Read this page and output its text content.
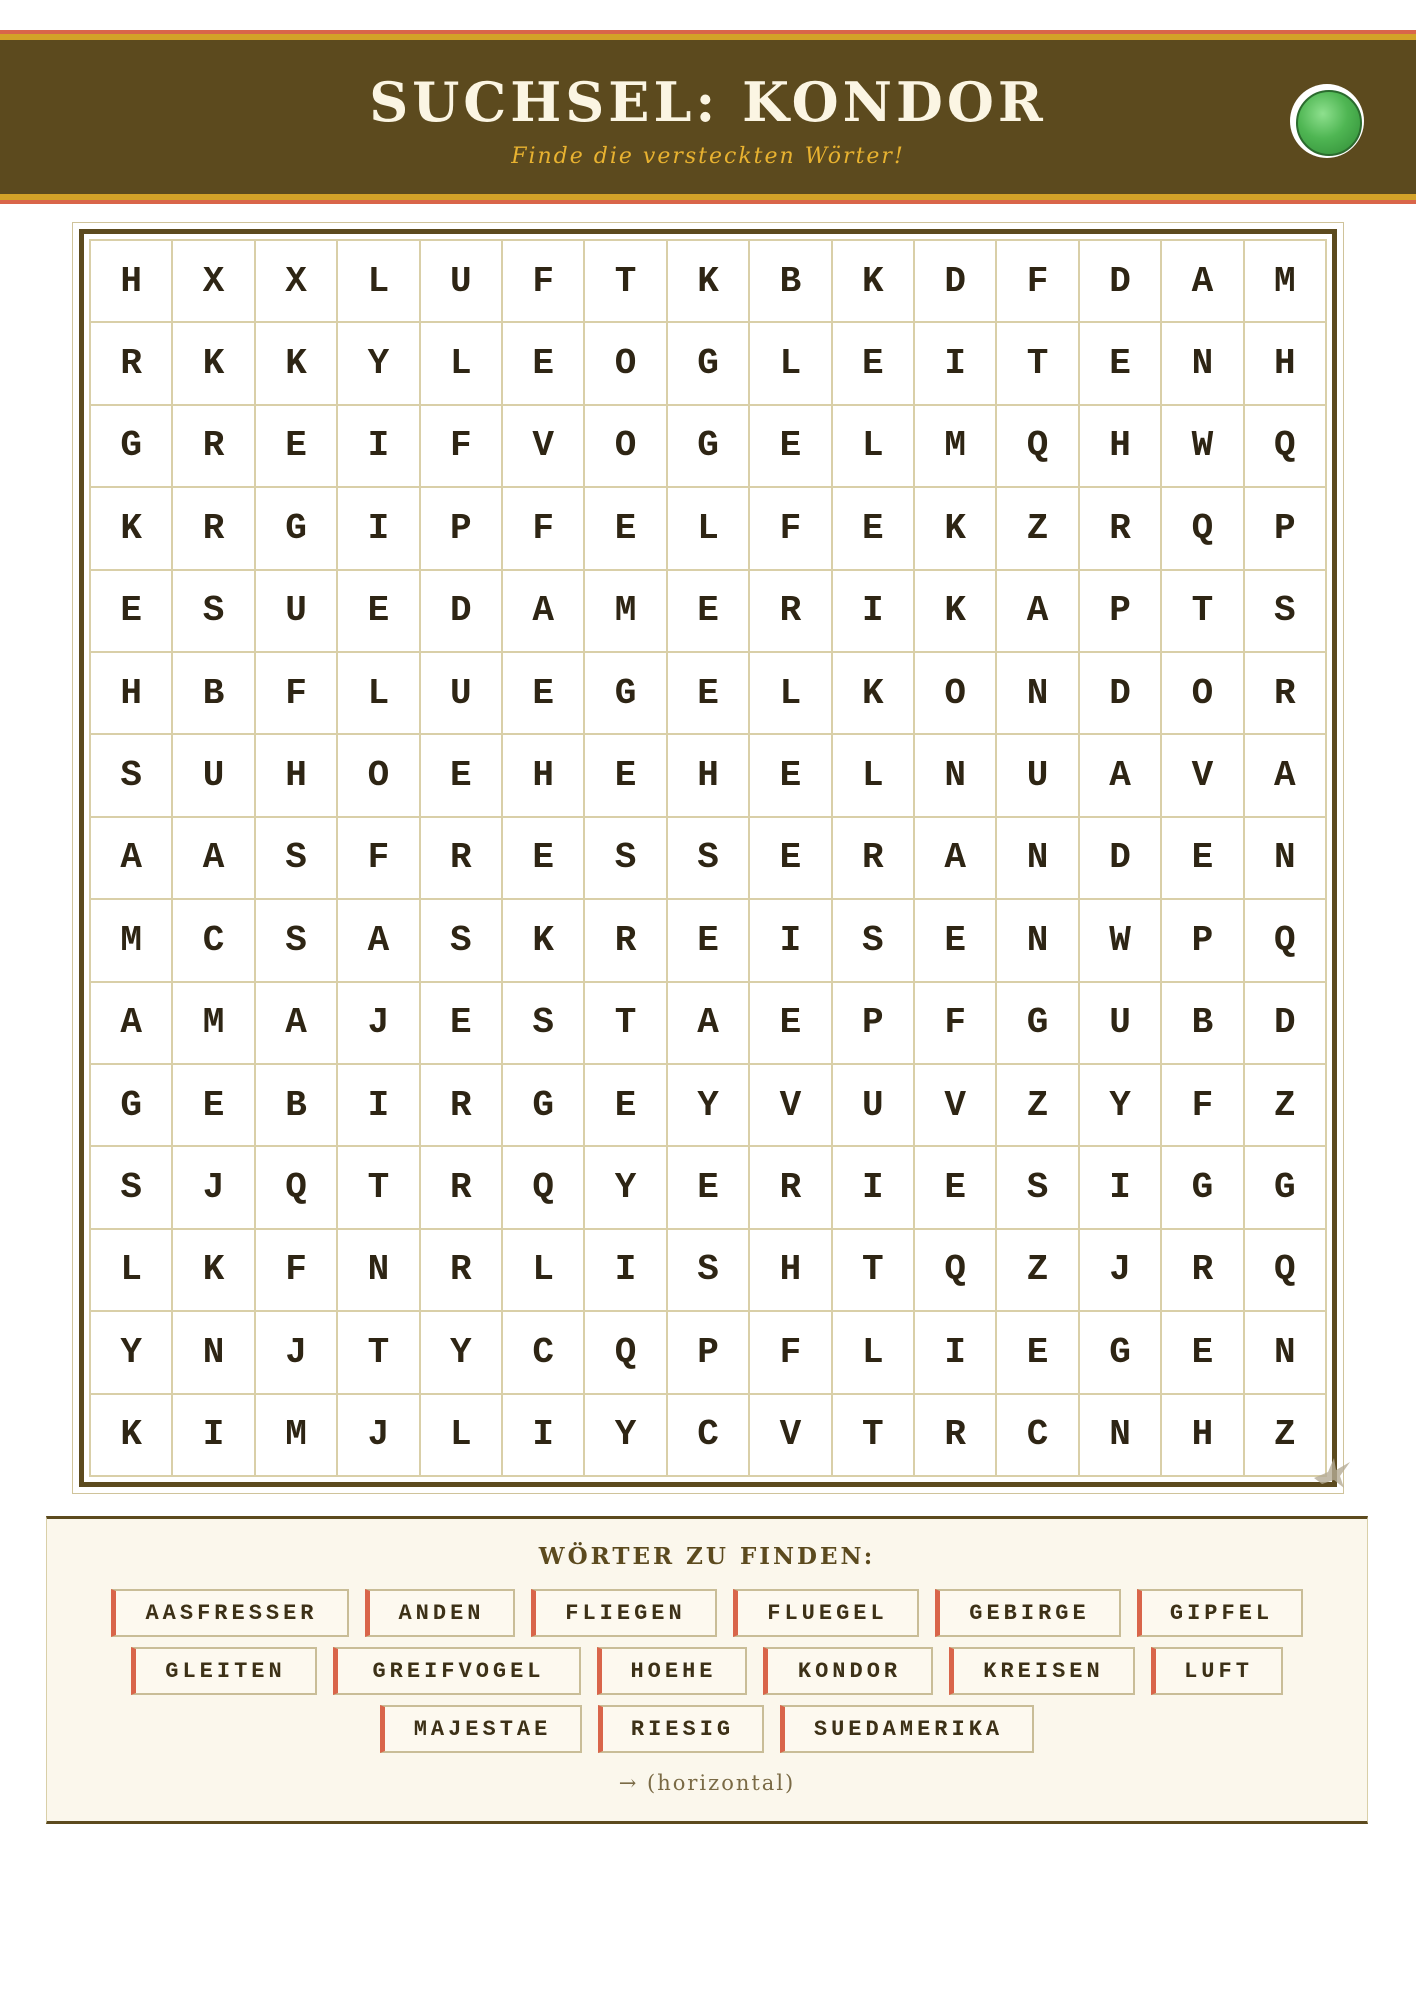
SUCHSEL: KONDOR
Finde die versteckten Wörter!
H	X	X	L	U	F	T	K	B	K	D	F	D	A	M
R	K	K	Y	L	E	O	G	L	E	I	T	E	N	H
G	R	E	I	F	V	O	G	E	L	M	Q	H	W	Q
K	R	G	I	P	F	E	L	F	E	K	Z	R	Q	P
E	S	U	E	D	A	M	E	R	I	K	A	P	T	S
H	B	F	L	U	E	G	E	L	K	O	N	D	O	R
S	U	H	O	E	H	E	H	E	L	N	U	A	V	A
A	A	S	F	R	E	S	S	E	R	A	N	D	E	N
M	C	S	A	S	K	R	E	I	S	E	N	W	P	Q
A	M	A	J	E	S	T	A	E	P	F	G	U	B	D
G	E	B	I	R	G	E	Y	V	U	V	Z	Y	F	Z
S	J	Q	T	R	Q	Y	E	R	I	E	S	I	G	G
L	K	F	N	R	L	I	S	H	T	Q	Z	J	R	Q
Y	N	J	T	Y	C	Q	P	F	L	I	E	G	E	N
K	I	M	J	L	I	Y	C	V	T	R	C	N	H	Z
WÖRTER ZU FINDEN:
AASFRESSER	ANDEN	FLIEGEN	FLUEGEL	GEBIRGE	GIPFEL
GLEITEN	GREIFVOGEL	HOEHE	KONDOR	KREISEN	LUFT
MAJESTAE	RIESIG	SUEDAMERIKA
→ (horizontal)
